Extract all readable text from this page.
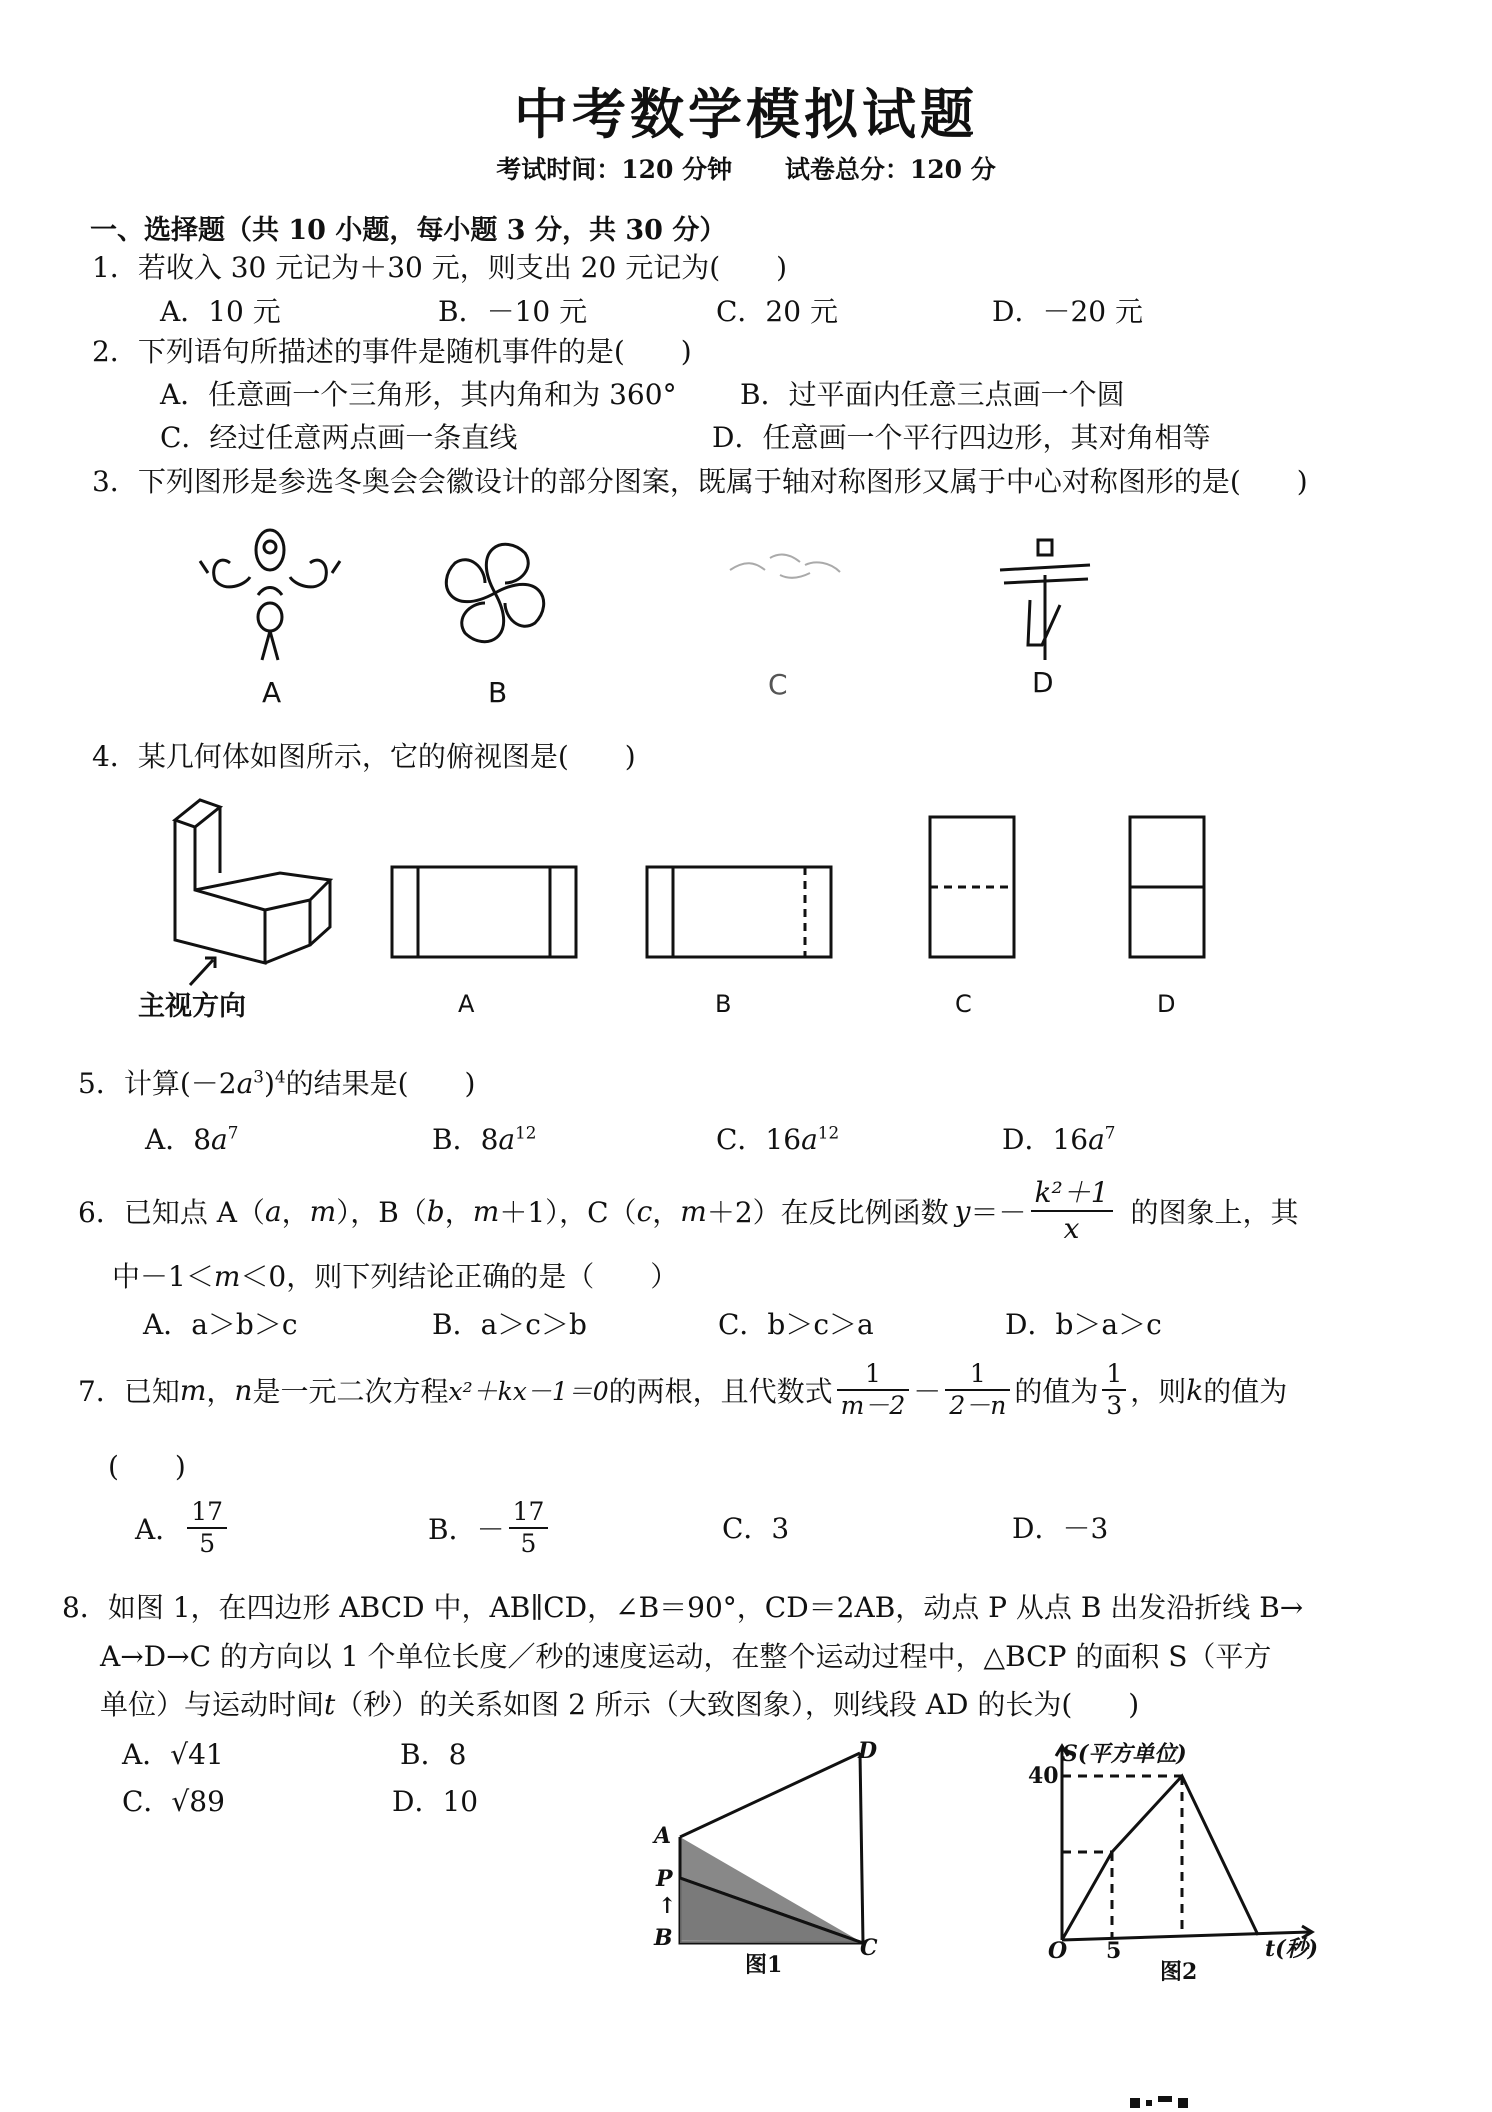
中考数学模拟试题
考试时间：120 分钟 试卷总分：120 分
一、选择题（共 10 小题，每小题 3 分，共 30 分）
1．若收入 30 元记为＋30 元，则支出 20 元记为(　　)
A．10 元	B．－10 元	C．20 元	D．－20 元
2．下列语句所描述的事件是随机事件的是(　　)
A．任意画一个三角形，其内角和为 360° B．过平面内任意三点画一个圆
C．经过任意两点画一条直线	D．任意画一个平行四边形，其对角相等
3．下列图形是参选冬奥会会徽设计的部分图案，既属于轴对称图形又属于中心对称图形的是(　　)
A	B	C	D
4．某几何体如图所示，它的俯视图是(　　)
主视方向	A	B	C	D
5．计算$(-2a^3)^4$的结果是(　　)
A．$8a^7$	B．$8a^{12}$	C．$16a^{12}$	D．$16a^7$
6．已知点 A（ a ， m ），B（ b ， m ＋1），C（ c ， m ＋2）在反比例函数 $y =- \frac{\text{k²＋1}}{x}$ 的图象上，其
中－1＜m＜0，则下列结论正确的是（　　）
A．a＞b＞c	B．a＞c＞b	C．b＞c＞a	D．b＞a＞c
7．已知 m ， n 是一元二次方程 x²＋kx－1＝0 的两根，且代数式 $\frac{1}{m-2} - \frac{1}{2-n}$ 的值为 $\frac{1}{3}$ ，则 k 的值为
(　　)
A． $\frac{17}{5}$	B．－ $\frac{17}{5}$	C．3	D．－3
8．如图 1，在四边形 ABCD 中，AB∥CD，∠B＝90°，CD＝2AB，动点 P 从点 B 出发沿折线 B→
A→D→C 的方向以 1 个单位长度／秒的速度运动，在整个运动过程中，△BCP 的面积 S（平方
单位）与运动时间t（秒）的关系如图 2 所示（大致图象），则线段 AD 的长为(　　)
A．√41	B．8
C．√89	D．10
A
P
↑
B	C
D
图1
S(平方单位)
40
O 5	t(秒)
图2
